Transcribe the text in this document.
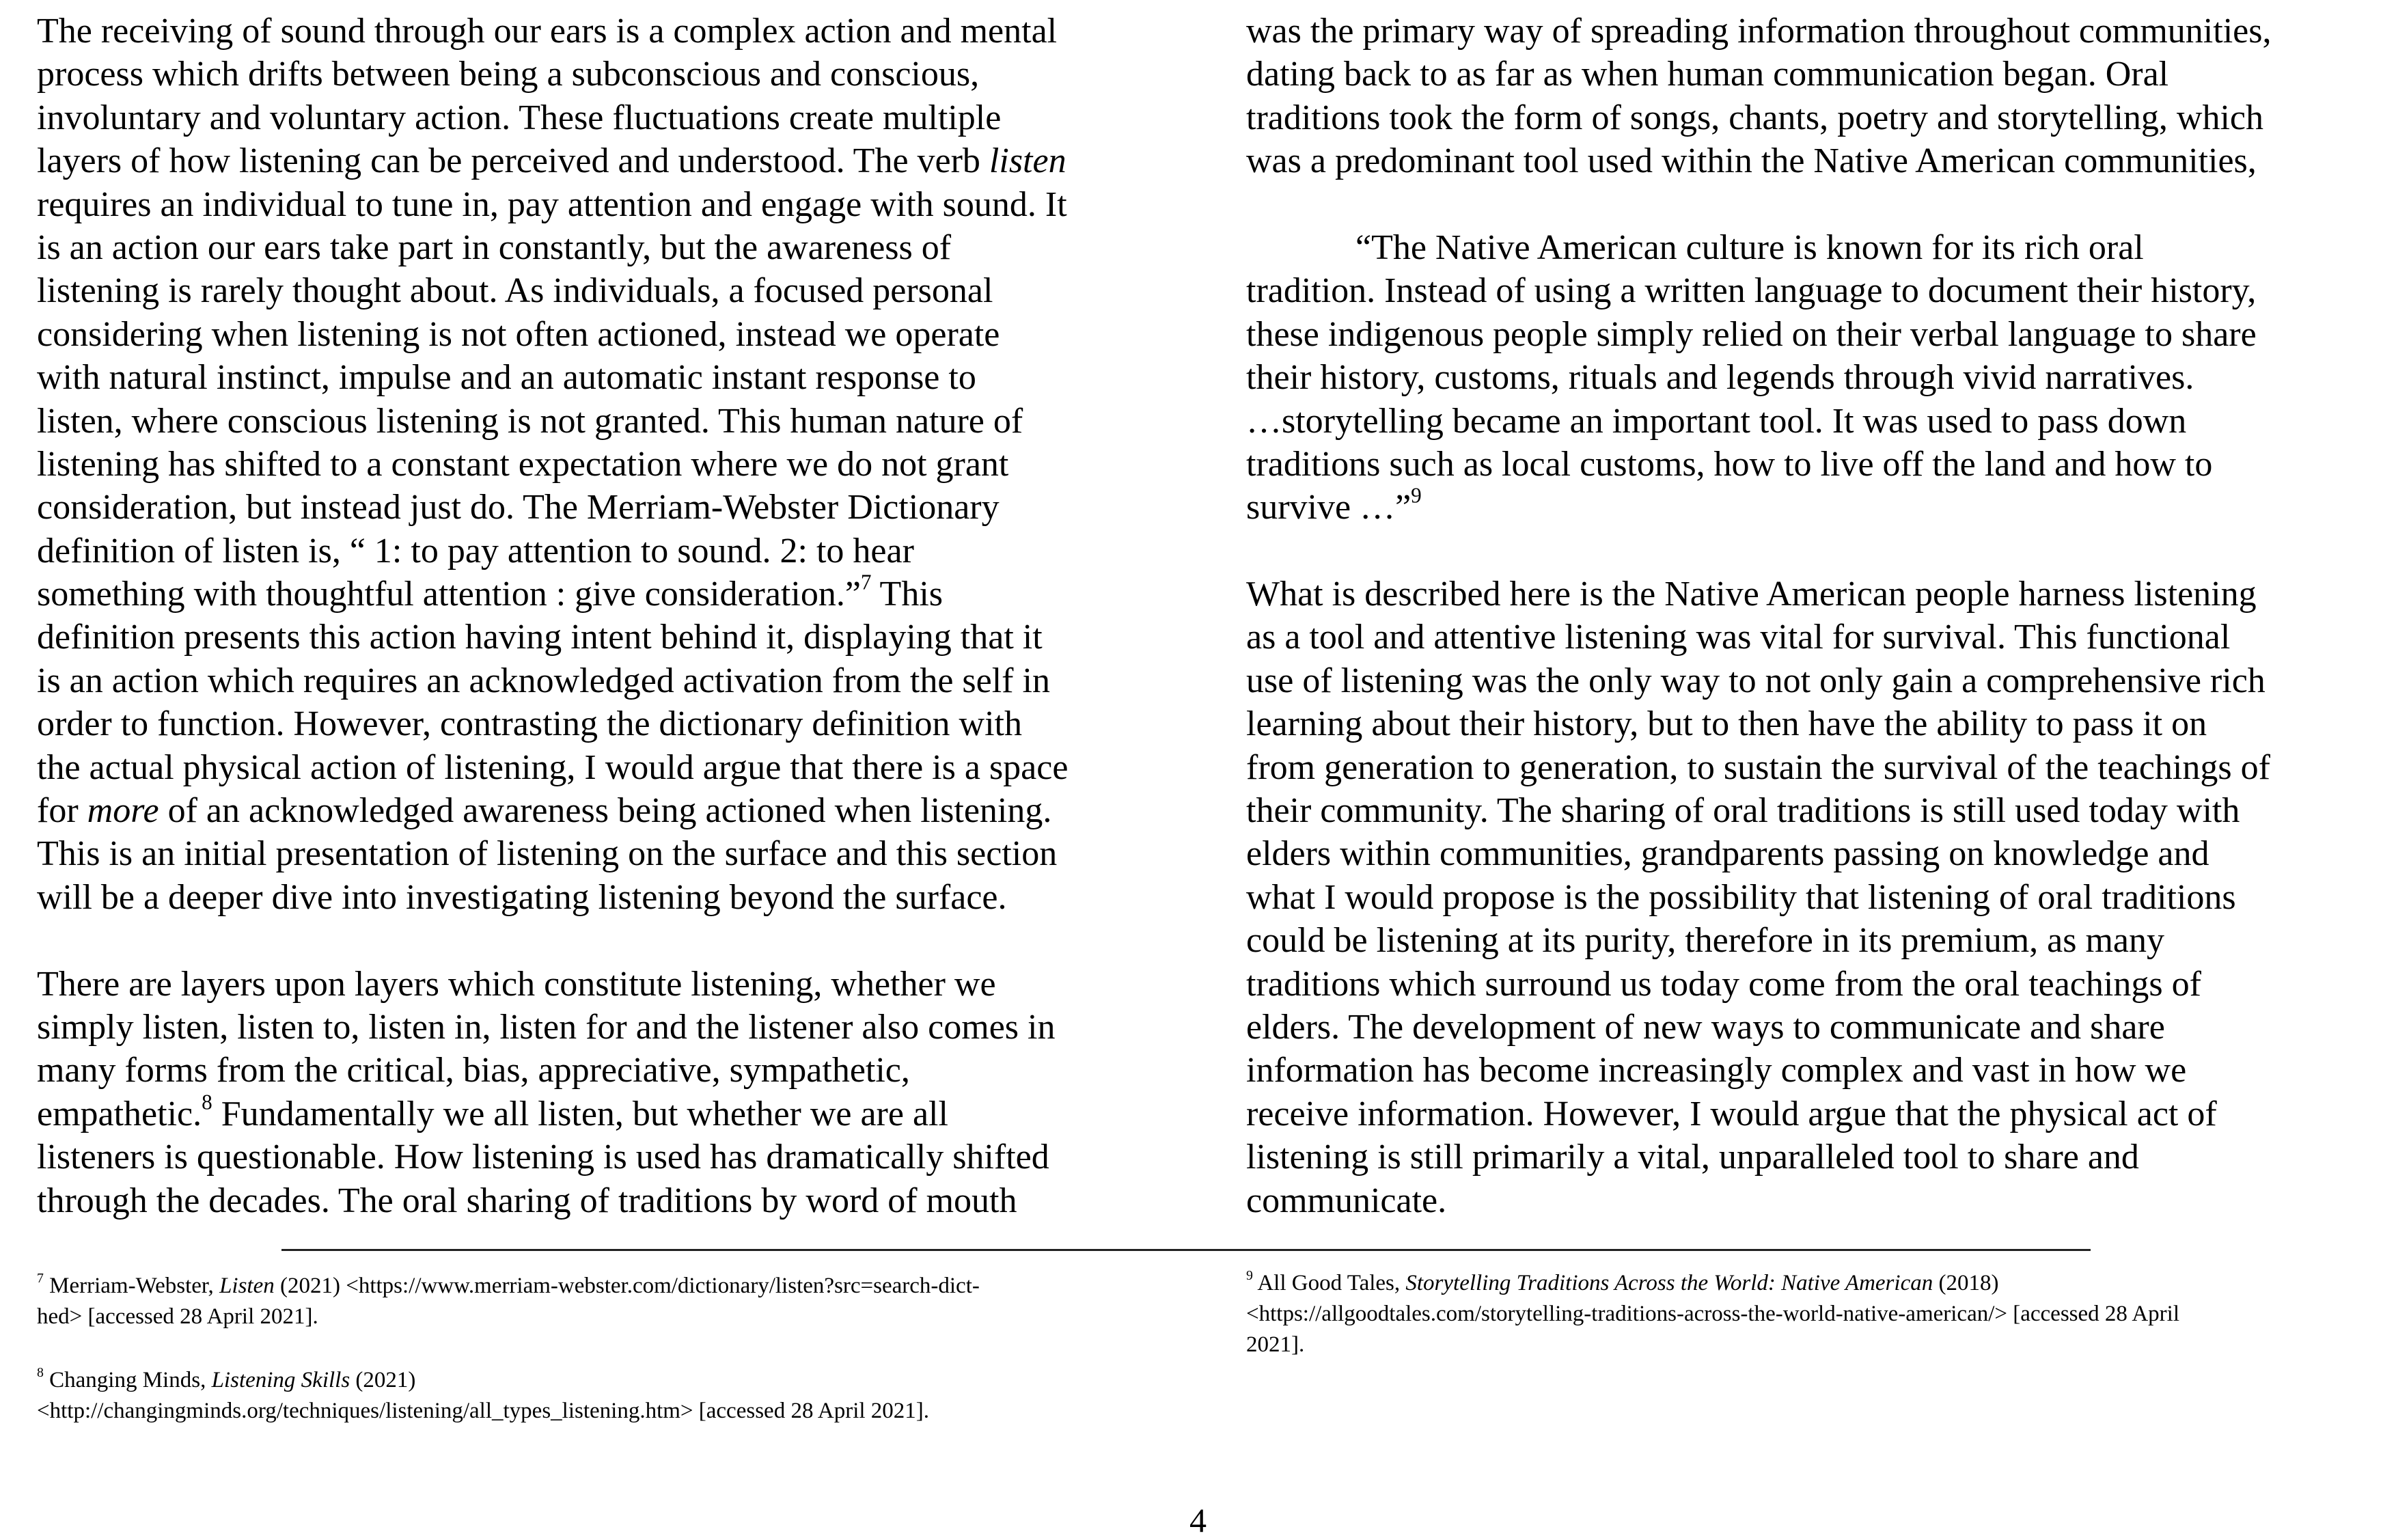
The receiving of sound through our ears is a complex action and mental
process which drifts between being a subconscious and conscious,
involuntary and voluntary action. These fluctuations create multiple
layers of how listening can be perceived and understood. The verb listen
requires an individual to tune in, pay attention and engage with sound. It
is an action our ears take part in constantly, but the awareness of
listening is rarely thought about. As individuals, a focused personal
considering when listening is not often actioned, instead we operate
with natural instinct, impulse and an automatic instant response to
listen, where conscious listening is not granted. This human nature of
listening has shifted to a constant expectation where we do not grant
consideration, but instead just do. The Merriam-Webster Dictionary
definition of listen is, “ 1: to pay attention to sound. 2: to hear
something with thoughtful attention : give consideration.”$^7$ This
definition presents this action having intent behind it, displaying that it
is an action which requires an acknowledged activation from the self in
order to function. However, contrasting the dictionary definition with
the actual physical action of listening, I would argue that there is a space
for more of an acknowledged awareness being actioned when listening.
This is an initial presentation of listening on the surface and this section
will be a deeper dive into investigating listening beyond the surface.
There are layers upon layers which constitute listening, whether we
simply listen, listen to, listen in, listen for and the listener also comes in
many forms from the critical, bias, appreciative, sympathetic,
empathetic.$^8$ Fundamentally we all listen, but whether we are all
listeners is questionable. How listening is used has dramatically shifted
through the decades. The oral sharing of traditions by word of mouth
was the primary way of spreading information throughout communities,
dating back to as far as when human communication began. Oral
traditions took the form of songs, chants, poetry and storytelling, which
was a predominant tool used within the Native American communities,
“The Native American culture is known for its rich oral
tradition. Instead of using a written language to document their history,
these indigenous people simply relied on their verbal language to share
their history, customs, rituals and legends through vivid narratives.
…storytelling became an important tool. It was used to pass down
traditions such as local customs, how to live off the land and how to
survive …”$^9$
What is described here is the Native American people harness listening
as a tool and attentive listening was vital for survival. This functional
use of listening was the only way to not only gain a comprehensive rich
learning about their history, but to then have the ability to pass it on
from generation to generation, to sustain the survival of the teachings of
their community. The sharing of oral traditions is still used today with
elders within communities, grandparents passing on knowledge and
what I would propose is the possibility that listening of oral traditions
could be listening at its purity, therefore in its premium, as many
traditions which surround us today come from the oral teachings of
elders. The development of new ways to communicate and share
information has become increasingly complex and vast in how we
receive information. However, I would argue that the physical act of
listening is still primarily a vital, unparalleled tool to share and
communicate.
$^7$ Merriam-Webster, Listen (2021) <https://www.merriam-webster.com/dictionary/listen?src=search-dict-
hed> [accessed 28 April 2021].
$^8$ Changing Minds, Listening Skills (2021)
<http://changingminds.org/techniques/listening/all_types_listening.htm> [accessed 28 April 2021].
$^9$ All Good Tales, Storytelling Traditions Across the World: Native American (2018)
<https://allgoodtales.com/storytelling-traditions-across-the-world-native-american/> [accessed 28 April
2021].
4
